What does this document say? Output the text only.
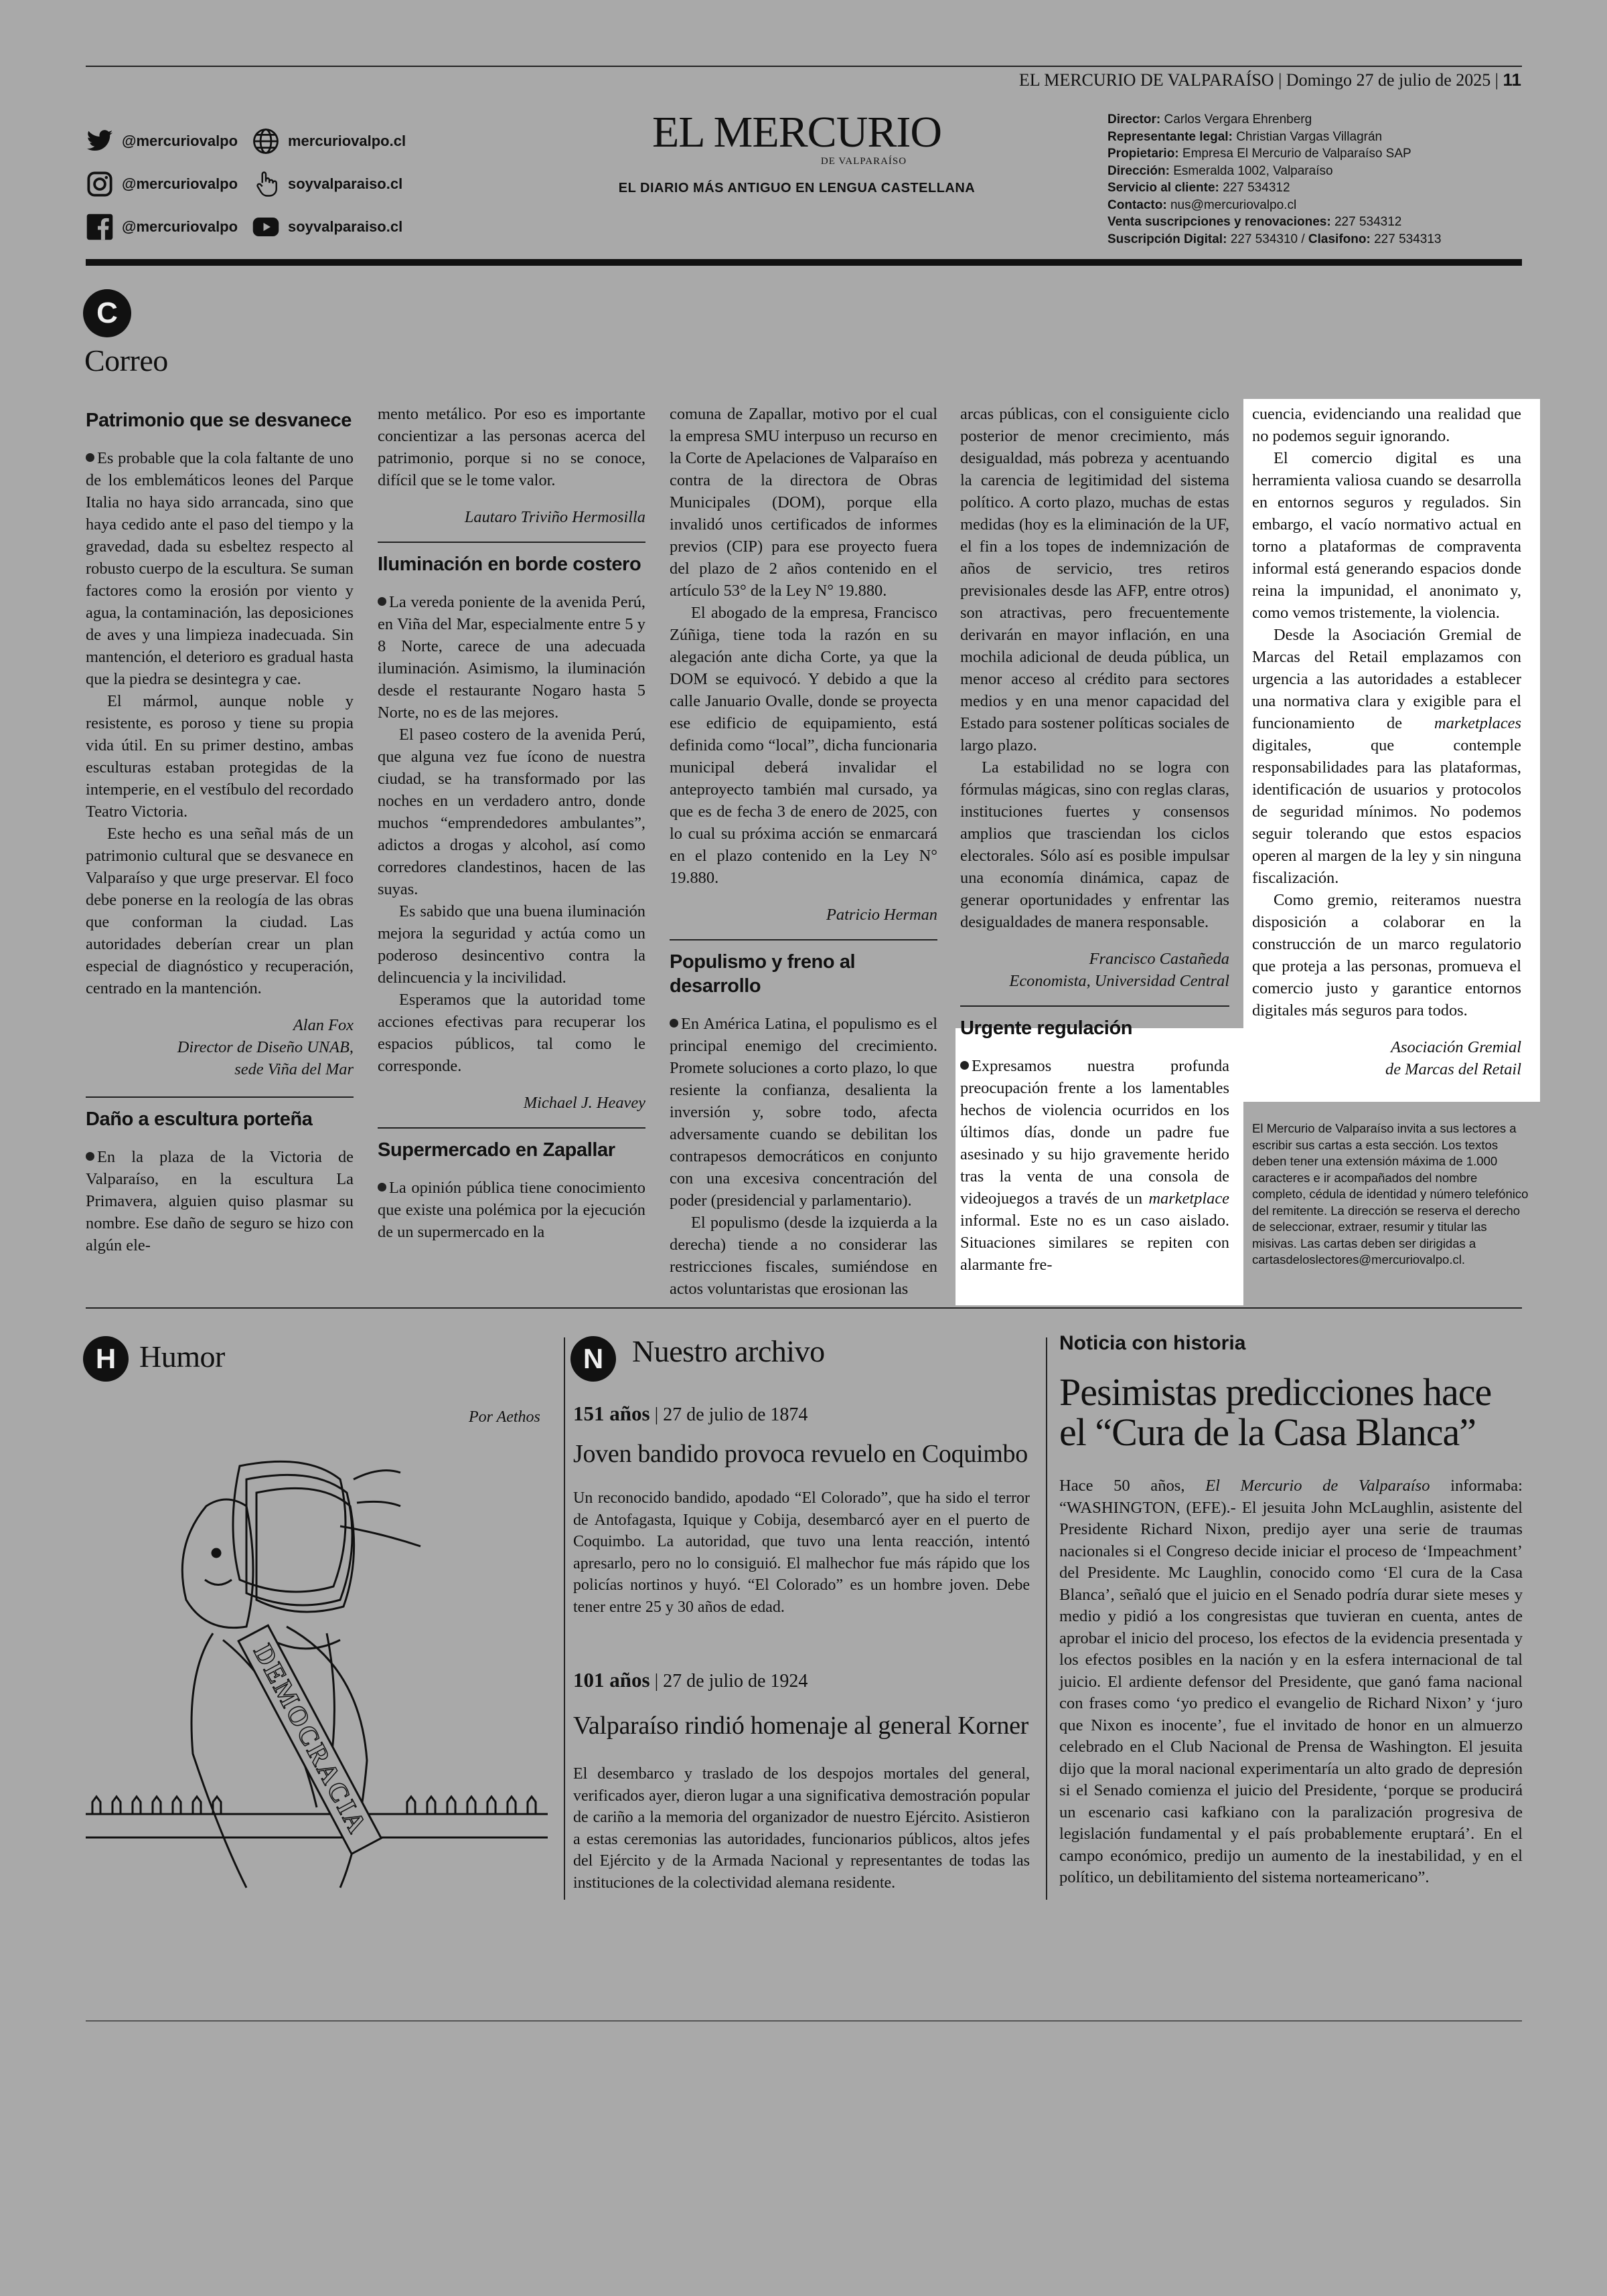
EL MERCURIO DE VALPARAÍSO | Domingo 27 de julio de 2025 | 11
@mercuriovalpo	mercuriovalpo.cl
@mercuriovalpo	soyvalparaiso.cl
@mercuriovalpo	soyvalparaiso.cl
EL MERCURIO
DE VALPARAÍSO
EL DIARIO MÁS ANTIGUO EN LENGUA CASTELLANA
Director: Carlos Vergara Ehrenberg
Representante legal: Christian Vargas Villagrán
Propietario: Empresa El Mercurio de Valparaíso SAP
Dirección: Esmeralda 1002, Valparaíso
Servicio al cliente: 227 534312
Contacto: nus@mercuriovalpo.cl
Venta suscripciones y renovaciones: 227 534312
Suscripción Digital: 227 534310 / Clasifono: 227 534313
C
Correo
Patrimonio que se desvanece

Es probable que la cola faltante de uno de los emblemáticos leones del Parque Italia no haya sido arrancada, sino que haya cedido ante el paso del tiempo y la gravedad, dada su esbeltez respecto al robusto cuerpo de la escultura. Se suman factores como la erosión por viento y agua, la contaminación, las deposiciones de aves y una limpieza inadecuada. Sin mantención, el deterioro es gradual hasta que la piedra se desintegra y cae.

El mármol, aunque noble y resistente, es poroso y tiene su propia vida útil. En su primer destino, ambas esculturas estaban protegidas de la intemperie, en el vestíbulo del recordado Teatro Victoria.

Este hecho es una señal más de un patrimonio cultural que se desvanece en Valparaíso y que urge preservar. El foco debe ponerse en la reología de las obras que conforman la ciudad. Las autoridades deberían crear un plan especial de diagnóstico y recuperación, centrado en la mantención.

Alan Fox
Director de Diseño UNAB,
sede Viña del Mar
Daño a escultura porteña

En la plaza de la Victoria de Valparaíso, en la escultura La Primavera, alguien quiso plasmar su nombre. Ese daño de seguro se hizo con algún ele-

mento metálico. Por eso es importante concientizar a las personas acerca del patrimonio, porque si no se conoce, difícil que se le tome valor.

Lautaro Triviño Hermosilla
Iluminación en borde costero

La vereda poniente de la avenida Perú, en Viña del Mar, especialmente entre 5 y 8 Norte, carece de una adecuada iluminación. Asimismo, la iluminación desde el restaurante Nogaro hasta 5 Norte, no es de las mejores.

El paseo costero de la avenida Perú, que alguna vez fue ícono de nuestra ciudad, se ha transformado por las noches en un verdadero antro, donde muchos “emprendedores ambulantes”, adictos a drogas y alcohol, así como corredores clandestinos, hacen de las suyas.

Es sabido que una buena iluminación mejora la seguridad y actúa como un poderoso desincentivo contra la delincuencia y la incivilidad.

Esperamos que la autoridad tome acciones efectivas para recuperar los espacios públicos, tal como le corresponde.

Michael J. Heavey
Supermercado en Zapallar

La opinión pública tiene conocimiento que existe una polémica por la ejecución de un supermercado en la

comuna de Zapallar, motivo por el cual la empresa SMU interpuso un recurso en la Corte de Apelaciones de Valparaíso en contra de la directora de Obras Municipales (DOM), porque ella invalidó unos certificados de informes previos (CIP) para ese proyecto fuera del plazo de 2 años contenido en el artículo 53° de la Ley N° 19.880.

El abogado de la empresa, Francisco Zúñiga, tiene toda la razón en su alegación ante dicha Corte, ya que la DOM se equivocó. Y debido a que la calle Januario Ovalle, donde se proyecta ese edificio de equipamiento, está definida como “local”, dicha funcionaria municipal deberá invalidar el anteproyecto también mal cursado, ya que es de fecha 3 de enero de 2025, con lo cual su próxima acción se enmarcará en el plazo contenido en la Ley N° 19.880.

Patricio Herman
Populismo y freno al desarrollo

En América Latina, el populismo es el principal enemigo del crecimiento. Promete soluciones a corto plazo, lo que resiente la confianza, desalienta la inversión y, sobre todo, afecta adversamente cuando se debilitan los contrapesos democráticos en conjunto con una excesiva concentración del poder (presidencial y parlamentario).

El populismo (desde la izquierda a la derecha) tiende a no considerar las restricciones fiscales, sumiéndose en actos voluntaristas que erosionan las

arcas públicas, con el consiguiente ciclo posterior de menor crecimiento, más desigualdad, más pobreza y acentuando la carencia de legitimidad del sistema político. A corto plazo, muchas de estas medidas (hoy es la eliminación de la UF, el fin a los topes de indemnización de años de servicio, tres retiros previsionales desde las AFP, entre otros) son atractivas, pero frecuentemente derivarán en mayor inflación, en una mochila adicional de deuda pública, un menor acceso al crédito para sectores medios y en una menor capacidad del Estado para sostener políticas sociales de largo plazo.

La estabilidad no se logra con fórmulas mágicas, sino con reglas claras, instituciones fuertes y consensos amplios que trasciendan los ciclos electorales. Sólo así es posible impulsar una economía dinámica, capaz de generar oportunidades y enfrentar las desigualdades de manera responsable.

Francisco Castañeda
Economista, Universidad Central
Urgente regulación

Expresamos nuestra profunda preocupación frente a los lamentables hechos de violencia ocurridos en los últimos días, donde un padre fue asesinado y su hijo gravemente herido tras la venta de una consola de videojuegos a través de un marketplace informal. Este no es un caso aislado. Situaciones similares se repiten con alarmante fre-

cuencia, evidenciando una realidad que no podemos seguir ignorando.

El comercio digital es una herramienta valiosa cuando se desarrolla en entornos seguros y regulados. Sin embargo, el vacío normativo actual en torno a plataformas de compraventa informal está generando espacios donde reina la impunidad, el anonimato y, como vemos tristemente, la violencia.

Desde la Asociación Gremial de Marcas del Retail emplazamos con urgencia a las autoridades a establecer una normativa clara y exigible para el funcionamiento de marketplaces digitales, que contemple responsabilidades para las plataformas, identificación de usuarios y protocolos de seguridad mínimos. No podemos seguir tolerando que estos espacios operen al margen de la ley y sin ninguna fiscalización.

Como gremio, reiteramos nuestra disposición a colaborar en la construcción de un marco regulatorio que proteja a las personas, promueva el comercio justo y garantice entornos digitales más seguros para todos.

Asociación Gremial
de Marcas del Retail
El Mercurio de Valparaíso invita a sus lectores a escribir sus cartas a esta sección. Los textos deben tener una extensión máxima de 1.000 caracteres e ir acompañados del nombre completo, cédula de identidad y número telefónico del remitente. La dirección se reserva el derecho de seleccionar, extraer, resumir y titular las misivas. Las cartas deben ser dirigidas a cartasdeloslectores@mercuriovalpo.cl.
H Humor
Por Aethos
DEMOCRACIA
N Nuestro archivo
151 años | 27 de julio de 1874
Joven bandido provoca revuelo en Coquimbo
Un reconocido bandido, apodado “El Colorado”, que ha sido el terror de Antofagasta, Iquique y Cobija, desembarcó ayer en el puerto de Coquimbo. La autoridad, que tuvo una lenta reacción, intentó apresarlo, pero no lo consiguió. El malhechor fue más rápido que los policías nortinos y huyó. “El Colorado” es un hombre joven. Debe tener entre 25 y 30 años de edad.
101 años | 27 de julio de 1924
Valparaíso rindió homenaje al general Korner
El desembarco y traslado de los despojos mortales del general, verificados ayer, dieron lugar a una significativa demostración popular de cariño a la memoria del organizador de nuestro Ejército. Asistieron a estas ceremonias las autoridades, funcionarios públicos, altos jefes del Ejército y de la Armada Nacional y representantes de todas las instituciones de la colectividad alemana residente.
Noticia con historia
Pesimistas predicciones hace el “Cura de la Casa Blanca”
Hace 50 años, El Mercurio de Valparaíso informaba: “WASHINGTON, (EFE).- El jesuita John McLaughlin, asistente del Presidente Richard Nixon, predijo ayer una serie de traumas nacionales si el Congreso decide iniciar el proceso de ‘Impeachment’ del Presidente. Mc Laughlin, conocido como ‘El cura de la Casa Blanca’, señaló que el juicio en el Senado podría durar siete meses y medio y pidió a los congresistas que tuvieran en cuenta, antes de aprobar el inicio del proceso, los efectos de la evidencia presentada y los efectos posibles en la nación y en la esfera internacional de tal juicio. El ardiente defensor del Presidente, que ganó fama nacional con frases como ‘yo predico el evangelio de Richard Nixon’ y ‘juro que Nixon es inocente’, fue el invitado de honor en un almuerzo celebrado en el Club Nacional de Prensa de Washington. El jesuita dijo que la moral nacional experimentaría un alto grado de depresión si el Senado comienza el juicio del Presidente, ‘porque se producirá un escenario casi kafkiano con la paralización progresiva de legislación fundamental y el país probablemente eruptará’. En el campo económico, predijo un aumento de la inestabilidad, y en el político, un debilitamiento del sistema norteamericano”.
